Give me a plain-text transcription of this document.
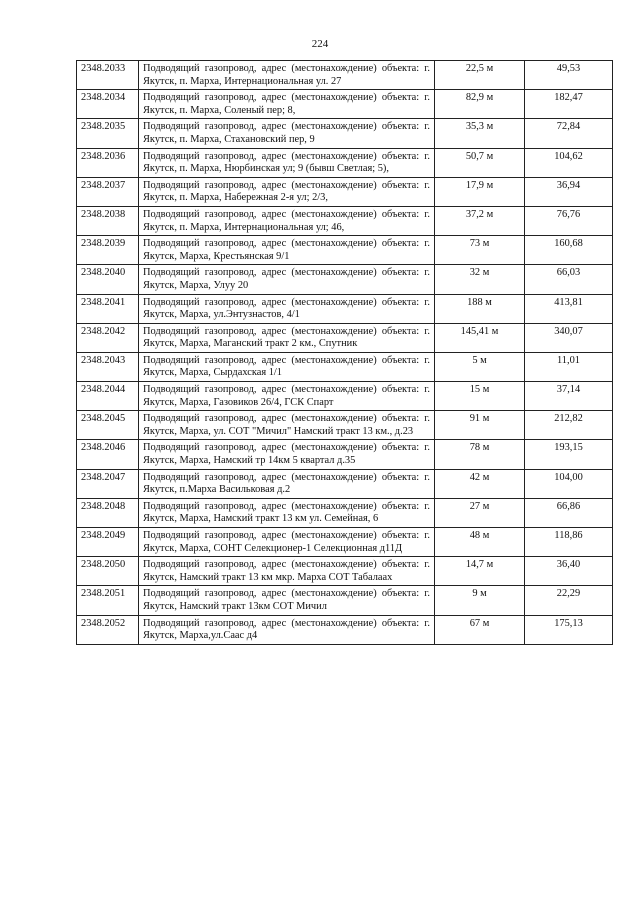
224
2348.2033	Подводящий газопровод, адрес (местонахождение) объекта: г. Якутск, п. Марха, Интернациональная ул. 27	22,5 м	49,53
2348.2034	Подводящий газопровод, адрес (местонахождение) объекта: г. Якутск, п. Марха, Соленый пер; 8,	82,9 м	182,47
2348.2035	Подводящий газопровод, адрес (местонахождение) объекта: г. Якутск, п. Марха, Стахановский пер, 9	35,3 м	72,84
2348.2036	Подводящий газопровод, адрес (местонахождение) объекта: г. Якутск, п. Марха, Нюрбинская ул; 9 (бывш Светлая; 5),	50,7 м	104,62
2348.2037	Подводящий газопровод, адрес (местонахождение) объекта: г. Якутск, п. Марха, Набережная 2-я ул; 2/3,	17,9 м	36,94
2348.2038	Подводящий газопровод, адрес (местонахождение) объекта: г. Якутск, п. Марха, Интернациональная ул; 46,	37,2 м	76,76
2348.2039	Подводящий газопровод, адрес (местонахождение) объекта: г. Якутск, Марха, Крестьянская 9/1	73 м	160,68
2348.2040	Подводящий газопровод, адрес (местонахождение) объекта: г. Якутск, Марха, Улуу 20	32 м	66,03
2348.2041	Подводящий газопровод, адрес (местонахождение) объекта: г. Якутск, Марха, ул.Энтузнастов, 4/1	188 м	413,81
2348.2042	Подводящий газопровод, адрес (местонахождение) объекта: г. Якутск, Марха, Маганский тракт 2 км., Спутник	145,41 м	340,07
2348.2043	Подводящий газопровод, адрес (местонахождение) объекта: г. Якутск, Марха, Сырдахская 1/1	5 м	11,01
2348.2044	Подводящий газопровод, адрес (местонахождение) объекта: г. Якутск, Марха, Газовиков 26/4, ГСК Спарт	15 м	37,14
2348.2045	Подводящий газопровод, адрес (местонахождение) объекта: г. Якутск, Марха, ул. СОТ "Мичил" Намский тракт 13 км., д.23	91 м	212,82
2348.2046	Подводящий газопровод, адрес (местонахождение) объекта: г. Якутск, Марха, Намский тр 14км 5 квартал д.35	78 м	193,15
2348.2047	Подводящий газопровод, адрес (местонахождение) объекта: г. Якутск, п.Марха Васильковая д.2	42 м	104,00
2348.2048	Подводящий газопровод, адрес (местонахождение) объекта: г. Якутск, Марха, Намский тракт 13 км ул. Семейная, 6	27 м	66,86
2348.2049	Подводящий газопровод, адрес (местонахождение) объекта: г. Якутск, Марха, СОНТ Селекционер-1 Селекционная д11Д	48 м	118,86
2348.2050	Подводящий газопровод, адрес (местонахождение) объекта: г. Якутск, Намский тракт 13 км мкр. Марха СОТ Табалаах	14,7 м	36,40
2348.2051	Подводящий газопровод, адрес (местонахождение) объекта: г. Якутск, Намский тракт 13км СОТ Мичил	9 м	22,29
2348.2052	Подводящий газопровод, адрес (местонахождение) объекта: г. Якутск, Марха,ул.Саас д4	67 м	175,13
